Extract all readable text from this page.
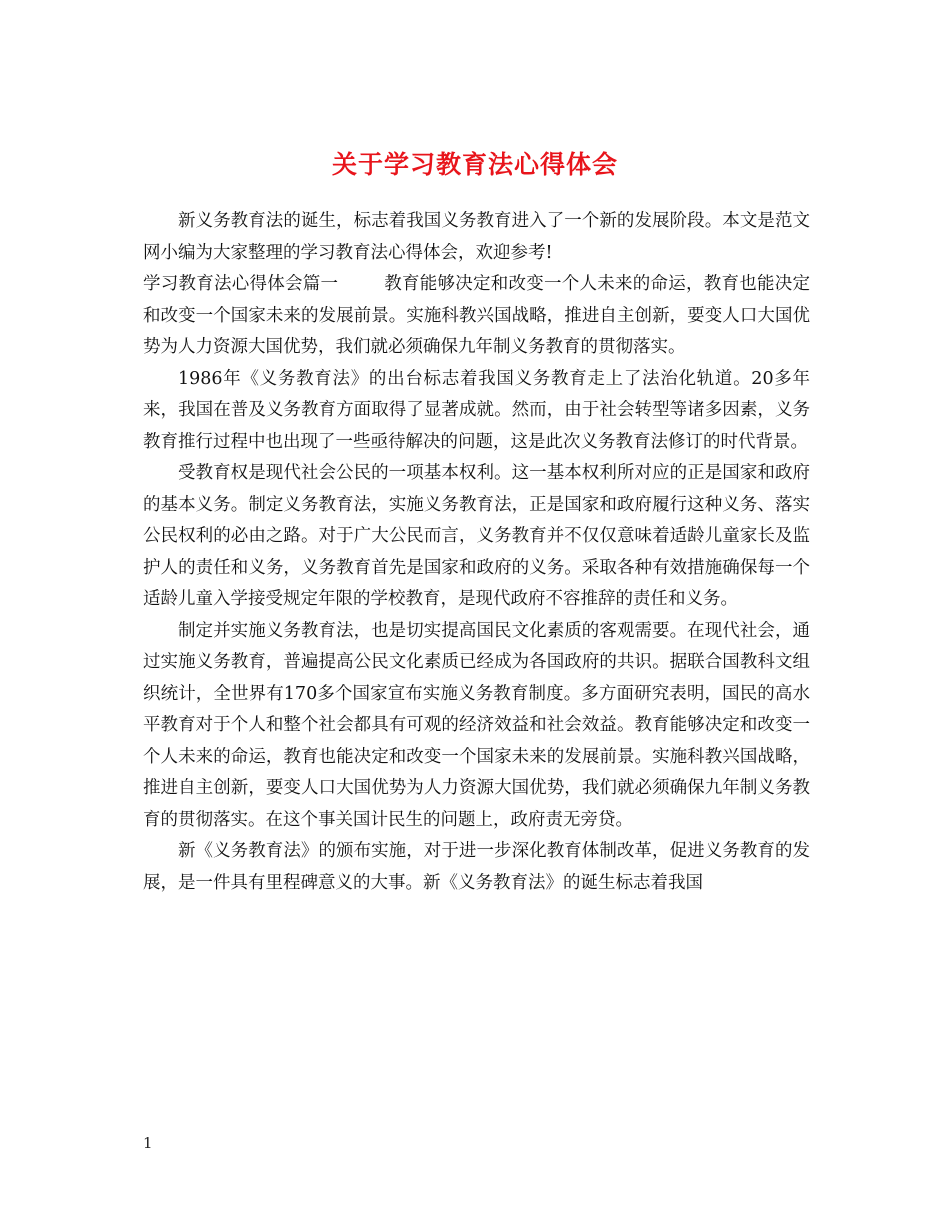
关于学习教育法心得体会

新义务教育法的诞生，标志着我国义务教育进入了一个新的发展阶段。本文是范文网小编为大家整理的学习教育法心得体会，欢迎参考!

学习教育法心得体会篇一	教育能够决定和改变一个人未来的命运，教育也能决定和改变一个国家未来的发展前景。实施科教兴国战略，推进自主创新，要变人口大国优势为人力资源大国优势，我们就必须确保九年制义务教育的贯彻落实。

1986年《义务教育法》的出台标志着我国义务教育走上了法治化轨道。20多年来，我国在普及义务教育方面取得了显著成就。然而，由于社会转型等诸多因素，义务教育推行过程中也出现了一些亟待解决的问题，这是此次义务教育法修订的时代背景。

受教育权是现代社会公民的一项基本权利。这一基本权利所对应的正是国家和政府的基本义务。制定义务教育法，实施义务教育法，正是国家和政府履行这种义务、落实公民权利的必由之路。对于广大公民而言，义务教育并不仅仅意味着适龄儿童家长及监护人的责任和义务，义务教育首先是国家和政府的义务。采取各种有效措施确保每一个适龄儿童入学接受规定年限的学校教育，是现代政府不容推辞的责任和义务。

制定并实施义务教育法，也是切实提高国民文化素质的客观需要。在现代社会，通过实施义务教育，普遍提高公民文化素质已经成为各国政府的共识。据联合国教科文组织统计，全世界有170多个国家宣布实施义务教育制度。多方面研究表明，国民的高水平教育对于个人和整个社会都具有可观的经济效益和社会效益。教育能够决定和改变一个人未来的命运，教育也能决定和改变一个国家未来的发展前景。实施科教兴国战略，推进自主创新，要变人口大国优势为人力资源大国优势，我们就必须确保九年制义务教育的贯彻落实。在这个事关国计民生的问题上，政府责无旁贷。

新《义务教育法》的颁布实施，对于进一步深化教育体制改革，促进义务教育的发展，是一件具有里程碑意义的大事。新《义务教育法》的诞生标志着我国

1
